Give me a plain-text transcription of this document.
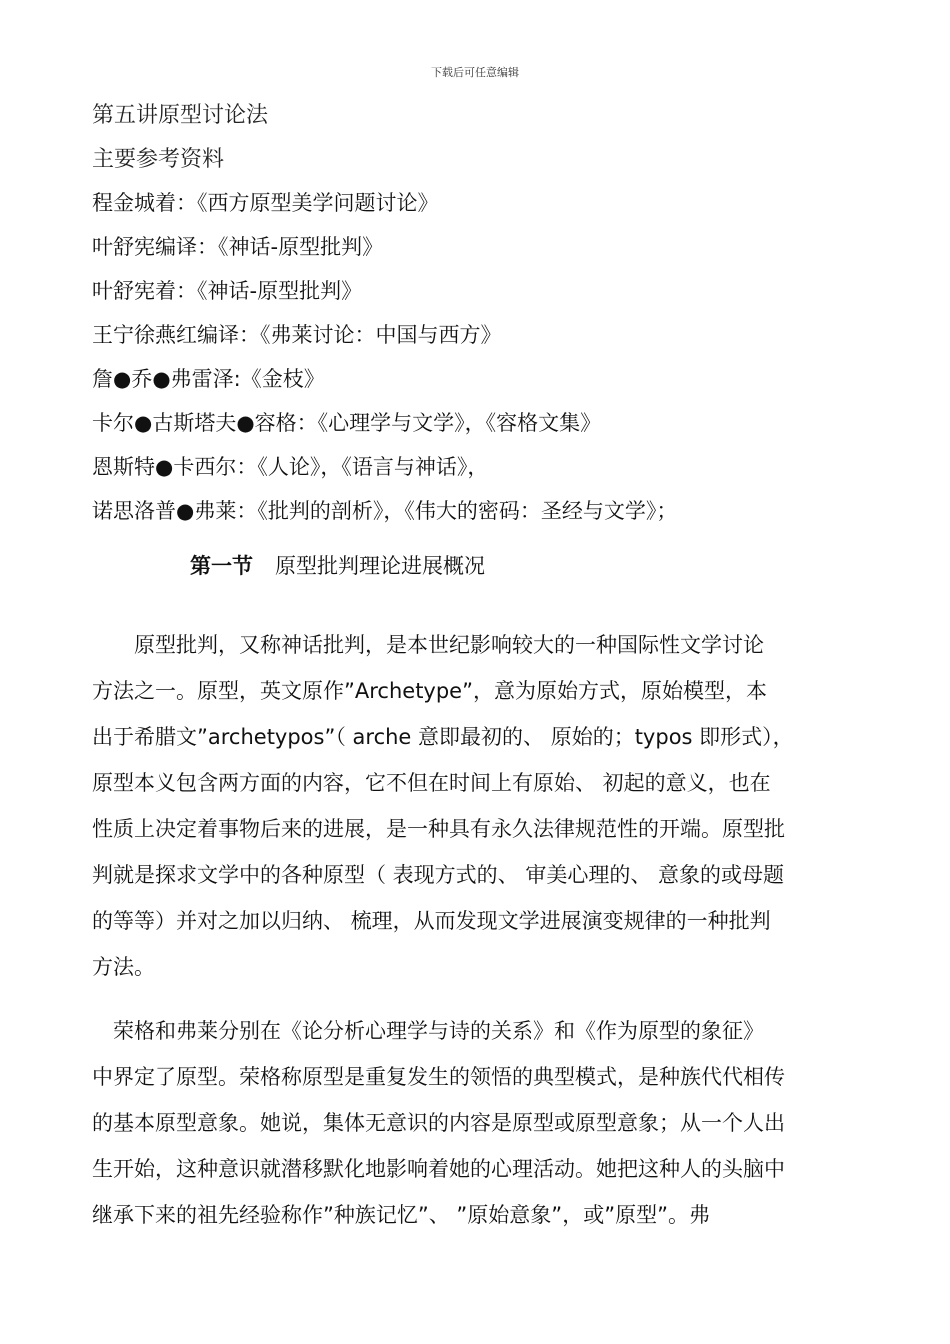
下载后可任意编辑
第五讲原型讨论法
主要参考资料
程金城着：《西方原型美学问题讨论》
叶舒宪编译：《神话-原型批判》
叶舒宪着：《神话-原型批判》
王宁徐燕红编译：《弗莱讨论：中国与西方》
詹●乔●弗雷泽:《金枝》
卡尔●古斯塔夫●容格：《心理学与文学》，《容格文集》
恩斯特●卡西尔：《人论》，《语言与神话》，
诺思洛普●弗莱：《批判的剖析》，《伟大的密码：圣经与文学》；
第一节 原型批判理论进展概况
　　原型批判，又称神话批判，是本世纪影响较大的一种国际性文学讨论
方法之一。原型，英文原作”Archetype”，意为原始方式，原始模型，本
出于希腊文”archetypos”（ arche 意即最初的、 原始的；typos 即形式），
原型本义包含两方面的内容，它不但在时间上有原始、 初起的意义，也在
性质上决定着事物后来的进展，是一种具有永久法律规范性的开端。原型批
判就是探求文学中的各种原型（ 表现方式的、 审美心理的、 意象的或母题
的等等）并对之加以归纳、 梳理，从而发现文学进展演变规律的一种批判
方法。
　荣格和弗莱分别在《论分析心理学与诗的关系》和《作为原型的象征》
中界定了原型。荣格称原型是重复发生的领悟的典型模式，是种族代代相传
的基本原型意象。她说，集体无意识的内容是原型或原型意象；从一个人出
生开始，这种意识就潜移默化地影响着她的心理活动。她把这种人的头脑中
继承下来的祖先经验称作”种族记忆”、 ”原始意象”，或”原型”。弗
